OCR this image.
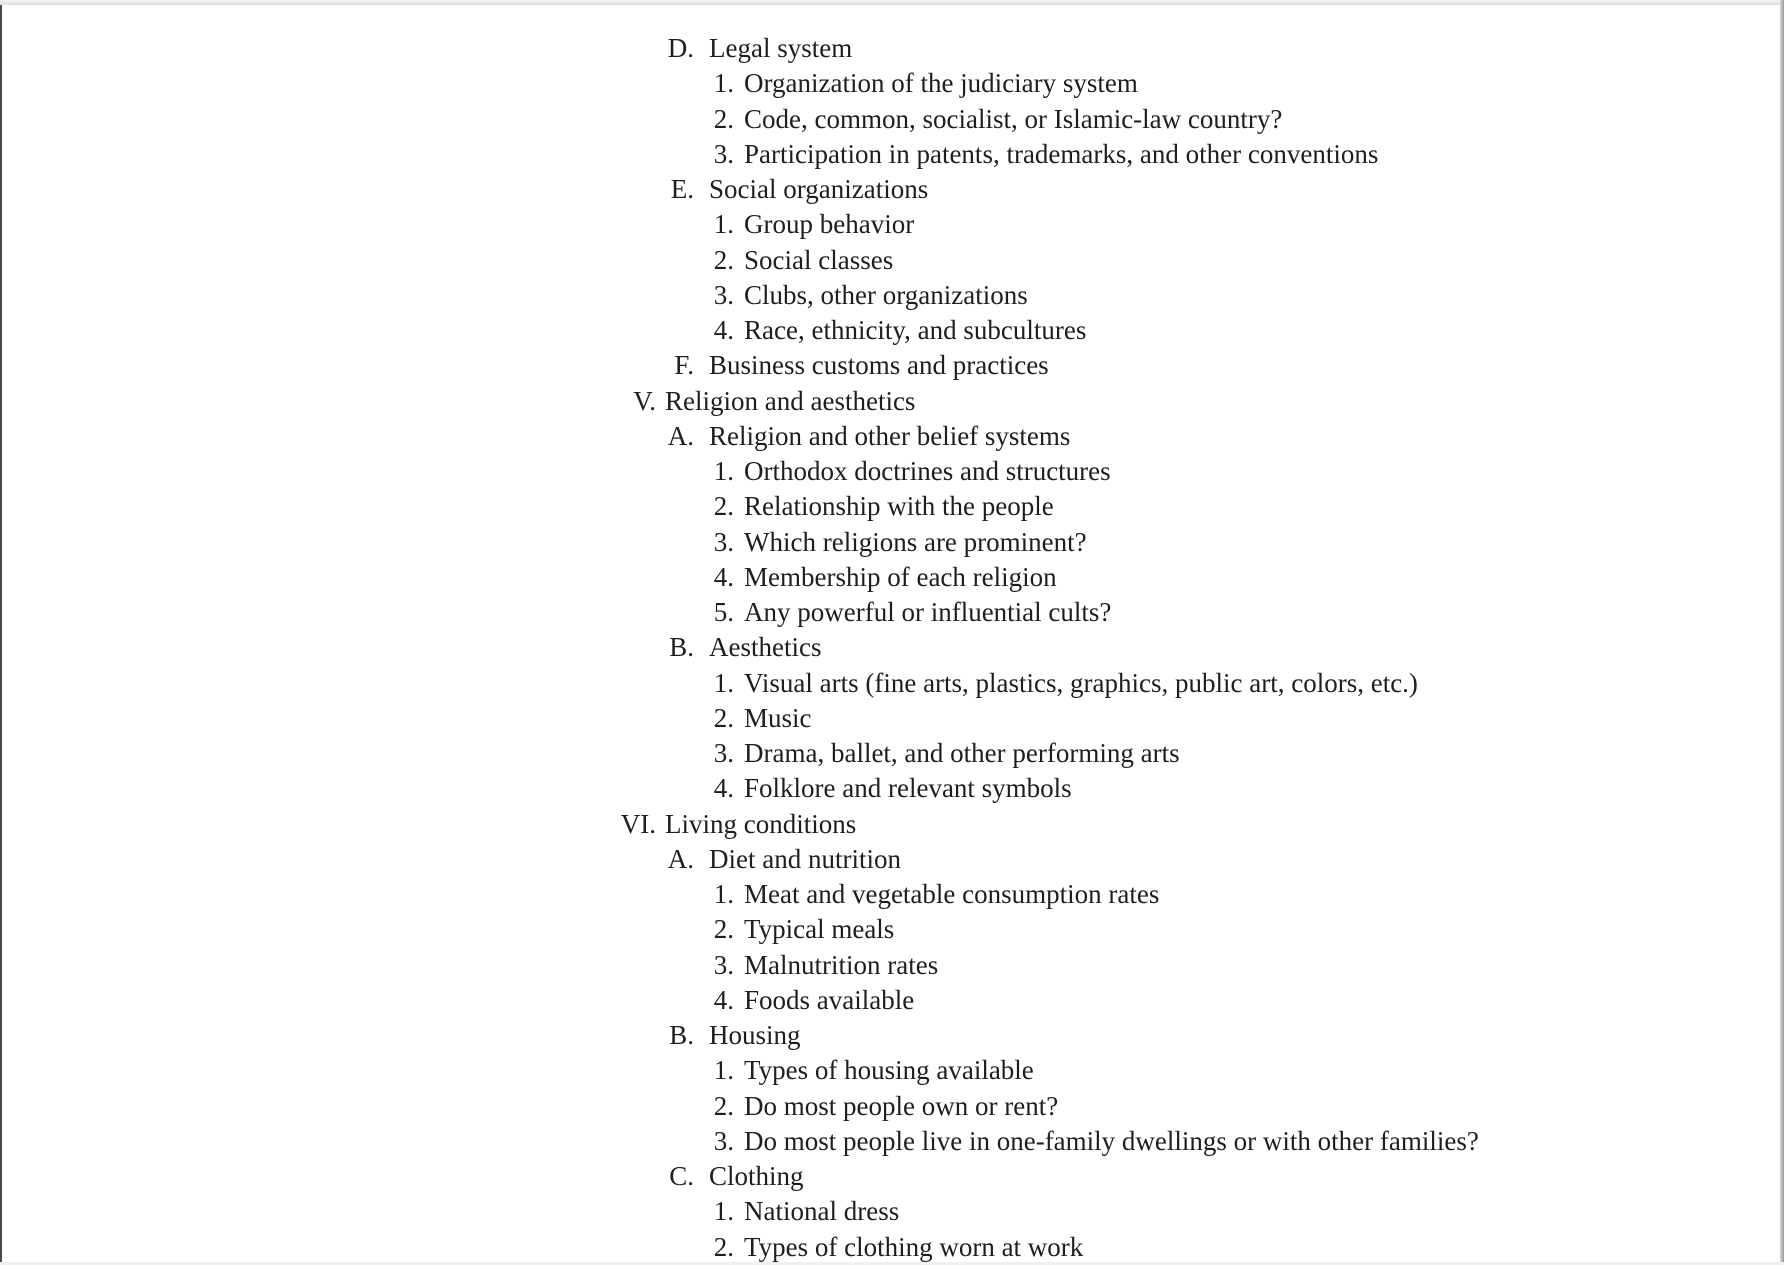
D. Legal system
1. Organization of the judiciary system
2. Code, common, socialist, or Islamic-law country?
3. Participation in patents, trademarks, and other conventions
E. Social organizations
1. Group behavior
2. Social classes
3. Clubs, other organizations
4. Race, ethnicity, and subcultures
F. Business customs and practices
V. Religion and aesthetics
A. Religion and other belief systems
1. Orthodox doctrines and structures
2. Relationship with the people
3. Which religions are prominent?
4. Membership of each religion
5. Any powerful or influential cults?
B. Aesthetics
1. Visual arts (fine arts, plastics, graphics, public art, colors, etc.)
2. Music
3. Drama, ballet, and other performing arts
4. Folklore and relevant symbols
VI. Living conditions
A. Diet and nutrition
1. Meat and vegetable consumption rates
2. Typical meals
3. Malnutrition rates
4. Foods available
B. Housing
1. Types of housing available
2. Do most people own or rent?
3. Do most people live in one-family dwellings or with other families?
C. Clothing
1. National dress
2. Types of clothing worn at work
